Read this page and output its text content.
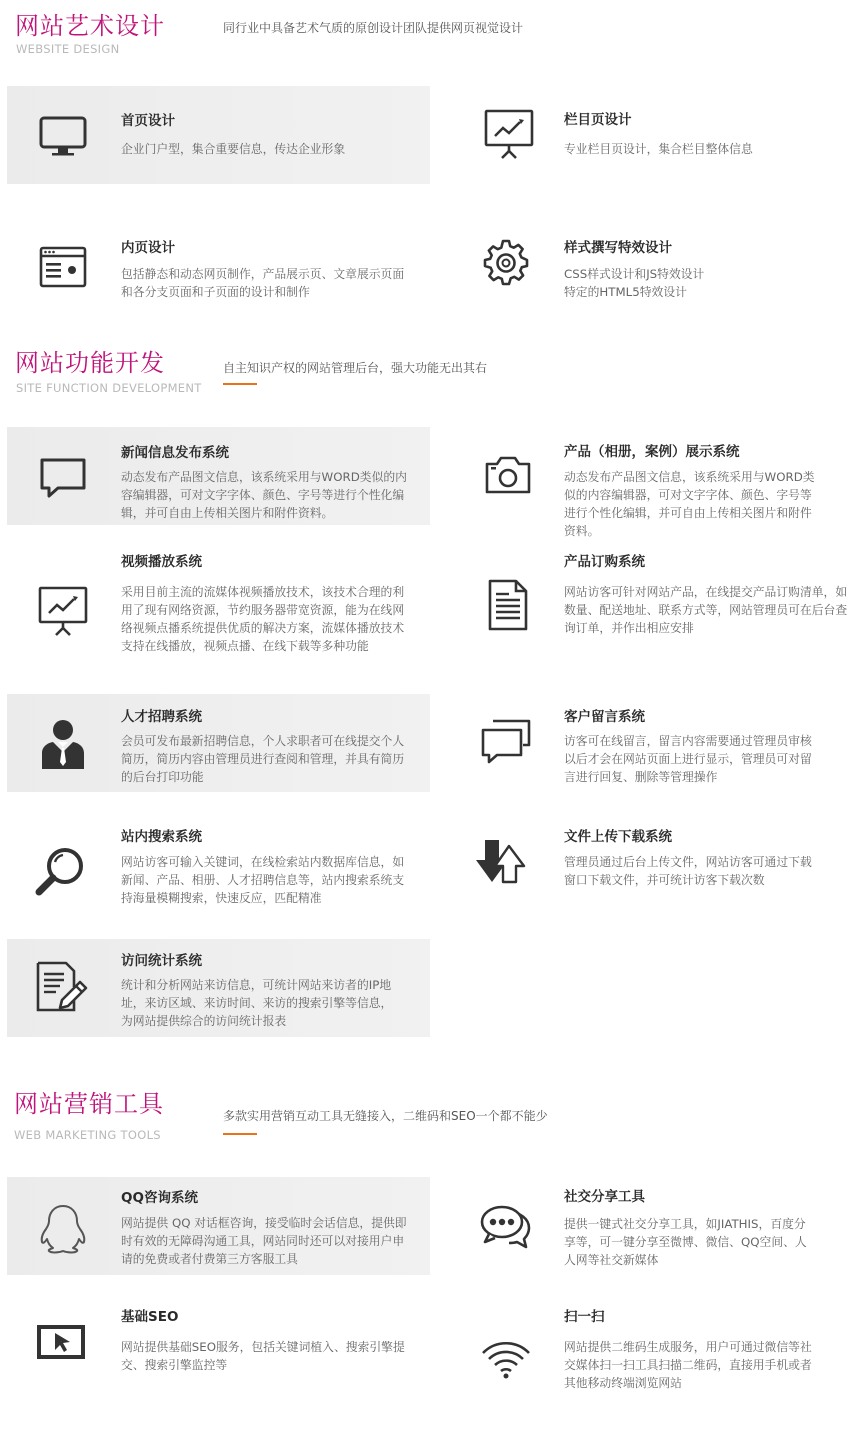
网站艺术设计
WEBSITE DESIGN
同行业中具备艺术气质的原创设计团队提供网页视觉设计
首页设计
企业门户型，集合重要信息，传达企业形象
栏目页设计
专业栏目页设计，集合栏目整体信息
内页设计
包括静态和动态网页制作，产品展示页、文章展示页面
和各分支页面和子页面的设计和制作
样式撰写特效设计
CSS样式设计和JS特效设计
特定的HTML5特效设计
网站功能开发
SITE FUNCTION DEVELOPMENT
自主知识产权的网站管理后台，强大功能无出其右
新闻信息发布系统
动态发布产品图文信息，该系统采用与WORD类似的内
容编辑器，可对文字字体、颜色、字号等进行个性化编
辑，并可自由上传相关图片和附件资料。
产品（相册，案例）展示系统
动态发布产品图文信息，该系统采用与WORD类
似的内容编辑器，可对文字字体、颜色、字号等
进行个性化编辑，并可自由上传相关图片和附件
资料。
视频播放系统
采用目前主流的流媒体视频播放技术，该技术合理的利
用了现有网络资源，节约服务器带宽资源，能为在线网
络视频点播系统提供优质的解决方案，流媒体播放技术
支持在线播放，视频点播、在线下载等多种功能
产品订购系统
网站访客可针对网站产品，在线提交产品订购清单，如
数量、配送地址、联系方式等，网站管理员可在后台查
询订单，并作出相应安排
人才招聘系统
会员可发布最新招聘信息，个人求职者可在线提交个人
简历，简历内容由管理员进行查阅和管理，并具有简历
的后台打印功能
客户留言系统
访客可在线留言，留言内容需要通过管理员审核
以后才会在网站页面上进行显示，管理员可对留
言进行回复、删除等管理操作
站内搜索系统
网站访客可输入关键词，在线检索站内数据库信息，如
新闻、产品、相册、人才招聘信息等，站内搜索系统支
持海量模糊搜索，快速反应，匹配精准
文件上传下载系统
管理员通过后台上传文件，网站访客可通过下载
窗口下载文件，并可统计访客下载次数
访问统计系统
统计和分析网站来访信息，可统计网站来访者的IP地
址，来访区域、来访时间、来访的搜索引擎等信息，
为网站提供综合的访问统计报表
网站营销工具
WEB MARKETING TOOLS
多款实用营销互动工具无缝接入，二维码和SEO一个都不能少
QQ咨询系统
网站提供 QQ 对话框咨询，接受临时会话信息，提供即
时有效的无障碍沟通工具，网站同时还可以对接用户申
请的免费或者付费第三方客服工具
社交分享工具
提供一键式社交分享工具，如JIATHIS，百度分
享等，可一键分享至微博、微信、QQ空间、人
人网等社交新媒体
基础SEO
网站提供基础SEO服务，包括关键词植入、搜索引擎提
交、搜索引擎监控等
扫一扫
网站提供二维码生成服务，用户可通过微信等社
交媒体扫一扫工具扫描二维码，直接用手机或者
其他移动终端浏览网站
